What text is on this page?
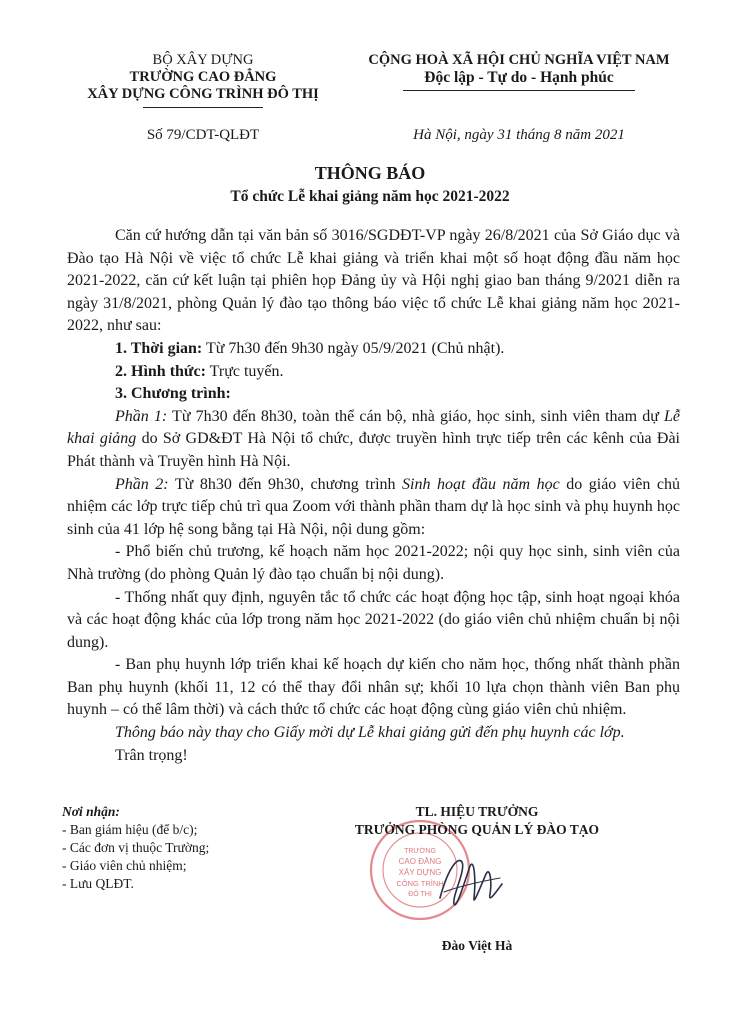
BỘ XÂY DỰNG
TRƯỜNG CAO ĐẲNG
XÂY DỰNG CÔNG TRÌNH ĐÔ THỊ
CỘNG HOÀ XÃ HỘI CHỦ NGHĨA VIỆT NAM
Độc lập - Tự do - Hạnh phúc
Số 79/CDT-QLĐT	Hà Nội, ngày 31 tháng 8 năm 2021
THÔNG BÁO
Tổ chức Lễ khai giảng năm học 2021-2022

Căn cứ hướng dẫn tại văn bản số 3016/SGDĐT-VP ngày 26/8/2021 của Sở Giáo dục và Đào tạo Hà Nội về việc tổ chức Lễ khai giảng và triển khai một số hoạt động đầu năm học 2021-2022, căn cứ kết luận tại phiên họp Đảng ủy và Hội nghị giao ban tháng 9/2021 diễn ra ngày 31/8/2021, phòng Quản lý đào tạo thông báo việc tổ chức Lễ khai giảng năm học 2021-2022, như sau:

1. Thời gian: Từ 7h30 đến 9h30 ngày 05/9/2021 (Chủ nhật).

2. Hình thức: Trực tuyến.

3. Chương trình:

Phần 1: Từ 7h30 đến 8h30, toàn thể cán bộ, nhà giáo, học sinh, sinh viên tham dự Lễ khai giảng do Sở GD&ĐT Hà Nội tổ chức, được truyền hình trực tiếp trên các kênh của Đài Phát thành và Truyền hình Hà Nội.

Phần 2: Từ 8h30 đến 9h30, chương trình Sinh hoạt đầu năm học do giáo viên chủ nhiệm các lớp trực tiếp chủ trì qua Zoom với thành phần tham dự là học sinh và phụ huynh học sinh của 41 lớp hệ song bằng tại Hà Nội, nội dung gồm:

- Phổ biến chủ trương, kế hoạch năm học 2021-2022; nội quy học sinh, sinh viên của Nhà trường (do phòng Quản lý đào tạo chuẩn bị nội dung).

- Thống nhất quy định, nguyên tắc tổ chức các hoạt động học tập, sinh hoạt ngoại khóa và các hoạt động khác của lớp trong năm học 2021-2022 (do giáo viên chủ nhiệm chuẩn bị nội dung).

- Ban phụ huynh lớp triển khai kế hoạch dự kiến cho năm học, thống nhất thành phần Ban phụ huynh (khối 11, 12 có thể thay đổi nhân sự; khối 10 lựa chọn thành viên Ban phụ huynh – có thể lâm thời) và cách thức tổ chức các hoạt động cùng giáo viên chủ nhiệm.

Thông báo này thay cho Giấy mời dự Lễ khai giảng gửi đến phụ huynh các lớp.

Trân trọng!

Nơi nhận:
- Ban giám hiệu (để b/c);
- Các đơn vị thuộc Trường;
- Giáo viên chủ nhiệm;
- Lưu QLĐT.
TRƯỜNG
CAO ĐẲNG
XÂY DỰNG
CÔNG TRÌNH
ĐÔ THỊ
TL. HIỆU TRƯỞNG
TRƯỞNG PHÒNG QUẢN LÝ ĐÀO TẠO
Đào Việt Hà
